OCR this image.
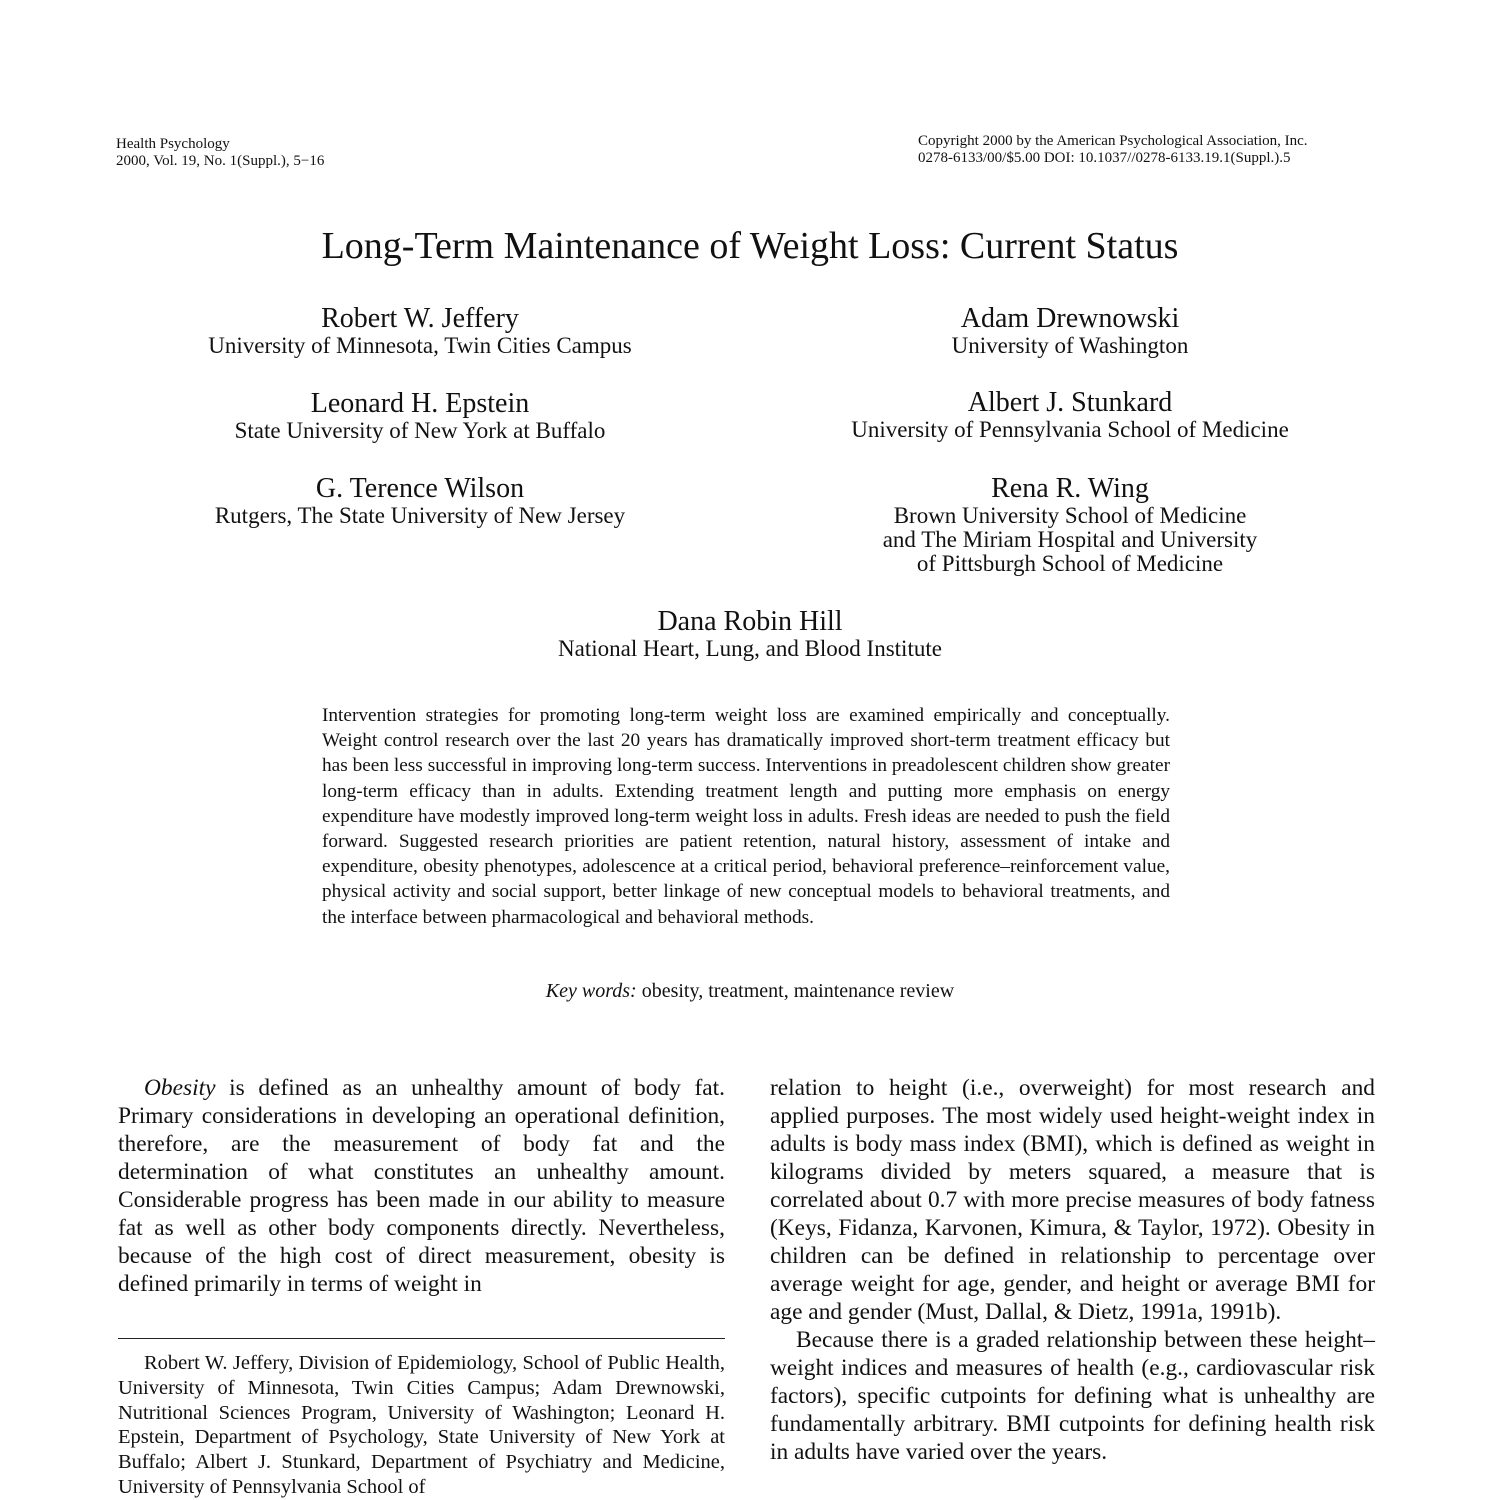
Health Psychology
2000, Vol. 19, No. 1(Suppl.), 5−16
Copyright 2000 by the American Psychological Association, Inc.
0278-6133/00/$5.00 DOI: 10.1037//0278-6133.19.1(Suppl.).5
Long-Term Maintenance of Weight Loss: Current Status
Robert W. Jeffery
University of Minnesota, Twin Cities Campus
Adam Drewnowski
University of Washington
Leonard H. Epstein
State University of New York at Buffalo
Albert J. Stunkard
University of Pennsylvania School of Medicine
G. Terence Wilson
Rutgers, The State University of New Jersey
Rena R. Wing
Brown University School of Medicine
and The Miriam Hospital and University
of Pittsburgh School of Medicine
Dana Robin Hill
National Heart, Lung, and Blood Institute
Intervention strategies for promoting long-term weight loss are examined empirically and conceptually. Weight control research over the last 20 years has dramatically improved short-term treatment efficacy but has been less successful in improving long-term success. Interventions in preadolescent children show greater long-term efficacy than in adults. Extending treatment length and putting more emphasis on energy expenditure have modestly improved long-term weight loss in adults. Fresh ideas are needed to push the field forward. Suggested research priorities are patient retention, natural history, assessment of intake and expenditure, obesity phenotypes, adolescence at a critical period, behavioral preference–reinforcement value, physical activity and social support, better linkage of new conceptual models to behavioral treatments, and the interface between pharmacological and behavioral methods.
Key words: obesity, treatment, maintenance review

Obesity is defined as an unhealthy amount of body fat. Primary considerations in developing an operational definition, therefore, are the measurement of body fat and the determination of what constitutes an unhealthy amount. Considerable progress has been made in our ability to measure fat as well as other body components directly. Nevertheless, because of the high cost of direct measurement, obesity is defined primarily in terms of weight in

Robert W. Jeffery, Division of Epidemiology, School of Public Health, University of Minnesota, Twin Cities Campus; Adam Drewnowski, Nutritional Sciences Program, University of Washington; Leonard H. Epstein, Department of Psychology, State University of New York at Buffalo; Albert J. Stunkard, Department of Psychiatry and Medicine, University of Pennsylvania School of

relation to height (i.e., overweight) for most research and applied purposes. The most widely used height-weight index in adults is body mass index (BMI), which is defined as weight in kilograms divided by meters squared, a measure that is correlated about 0.7 with more precise measures of body fatness (Keys, Fidanza, Karvonen, Kimura, & Taylor, 1972). Obesity in children can be defined in relationship to percentage over average weight for age, gender, and height or average BMI for age and gender (Must, Dallal, & Dietz, 1991a, 1991b).

Because there is a graded relationship between these height–weight indices and measures of health (e.g., cardiovascular risk factors), specific cutpoints for defining what is unhealthy are fundamentally arbitrary. BMI cutpoints for defining health risk in adults have varied over the years.
